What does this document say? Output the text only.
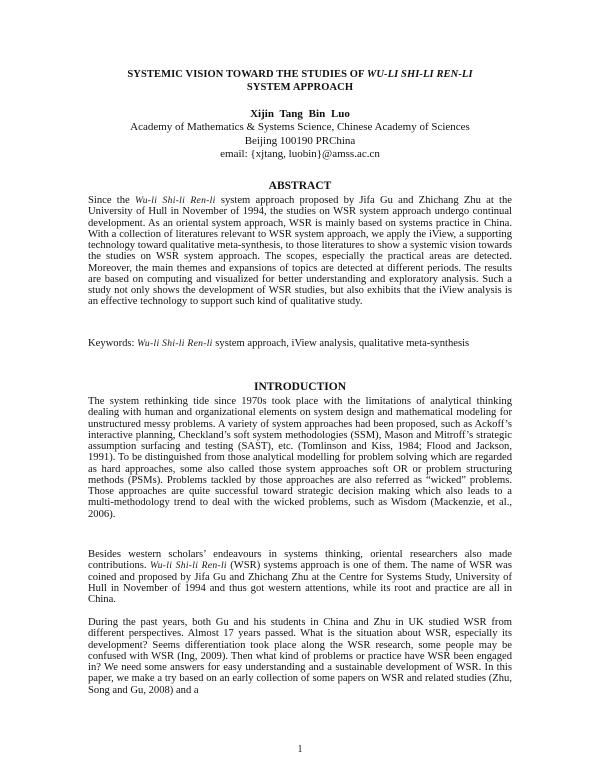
SYSTEMIC VISION TOWARD THE STUDIES OF WU-LI SHI-LI REN-LI
SYSTEM APPROACH
Xijin Tang Bin Luo
Academy of Mathematics & Systems Science, Chinese Academy of Sciences
Beijing 100190 PRChina
email: {xjtang, luobin}@amss.ac.cn
ABSTRACT

Since the Wu-li Shi-li Ren-li system approach proposed by Jifa Gu and Zhichang Zhu at the University of Hull in November of 1994, the studies on WSR system approach undergo continual development. As an oriental system approach, WSR is mainly based on systems practice in China. With a collection of literatures relevant to WSR system approach, we apply the iView, a supporting technology toward qualitative meta-synthesis, to those literatures to show a systemic vision towards the studies on WSR system approach. The scopes, especially the practical areas are detected. Moreover, the main themes and expansions of topics are detected at different periods. The results are based on computing and visualized for better understanding and exploratory analysis. Such a study not only shows the development of WSR studies, but also exhibits that the iView analysis is an effective technology to support such kind of qualitative study.

Keywords: Wu-li Shi-li Ren-li system approach, iView analysis, qualitative meta-synthesis

INTRODUCTION

The system rethinking tide since 1970s took place with the limitations of analytical thinking dealing with human and organizational elements on system design and mathematical modeling for unstructured messy problems. A variety of system approaches had been proposed, such as Ackoff’s interactive planning, Checkland’s soft system methodologies (SSM), Mason and Mitroff’s strategic assumption surfacing and testing (SAST), etc. (Tomlinson and Kiss, 1984; Flood and Jackson, 1991). To be distinguished from those analytical modelling for problem solving which are regarded as hard approaches, some also called those system approaches soft OR or problem structuring methods (PSMs). Problems tackled by those approaches are also referred as “wicked” problems. Those approaches are quite successful toward strategic decision making which also leads to a multi-methodology trend to deal with the wicked problems, such as Wisdom (Mackenzie, et al., 2006).

Besides western scholars’ endeavours in systems thinking, oriental researchers also made contributions. Wu-li Shi-li Ren-li (WSR) systems approach is one of them. The name of WSR was coined and proposed by Jifa Gu and Zhichang Zhu at the Centre for Systems Study, University of Hull in November of 1994 and thus got western attentions, while its root and practice are all in China.

During the past years, both Gu and his students in China and Zhu in UK studied WSR from different perspectives. Almost 17 years passed. What is the situation about WSR, especially its development? Seems differentiation took place along the WSR research, some people may be confused with WSR (Ing, 2009). Then what kind of problems or practice have WSR been engaged in? We need some answers for easy understanding and a sustainable development of WSR. In this paper, we make a try based on an early collection of some papers on WSR and related studies (Zhu, Song and Gu, 2008) and a

1
